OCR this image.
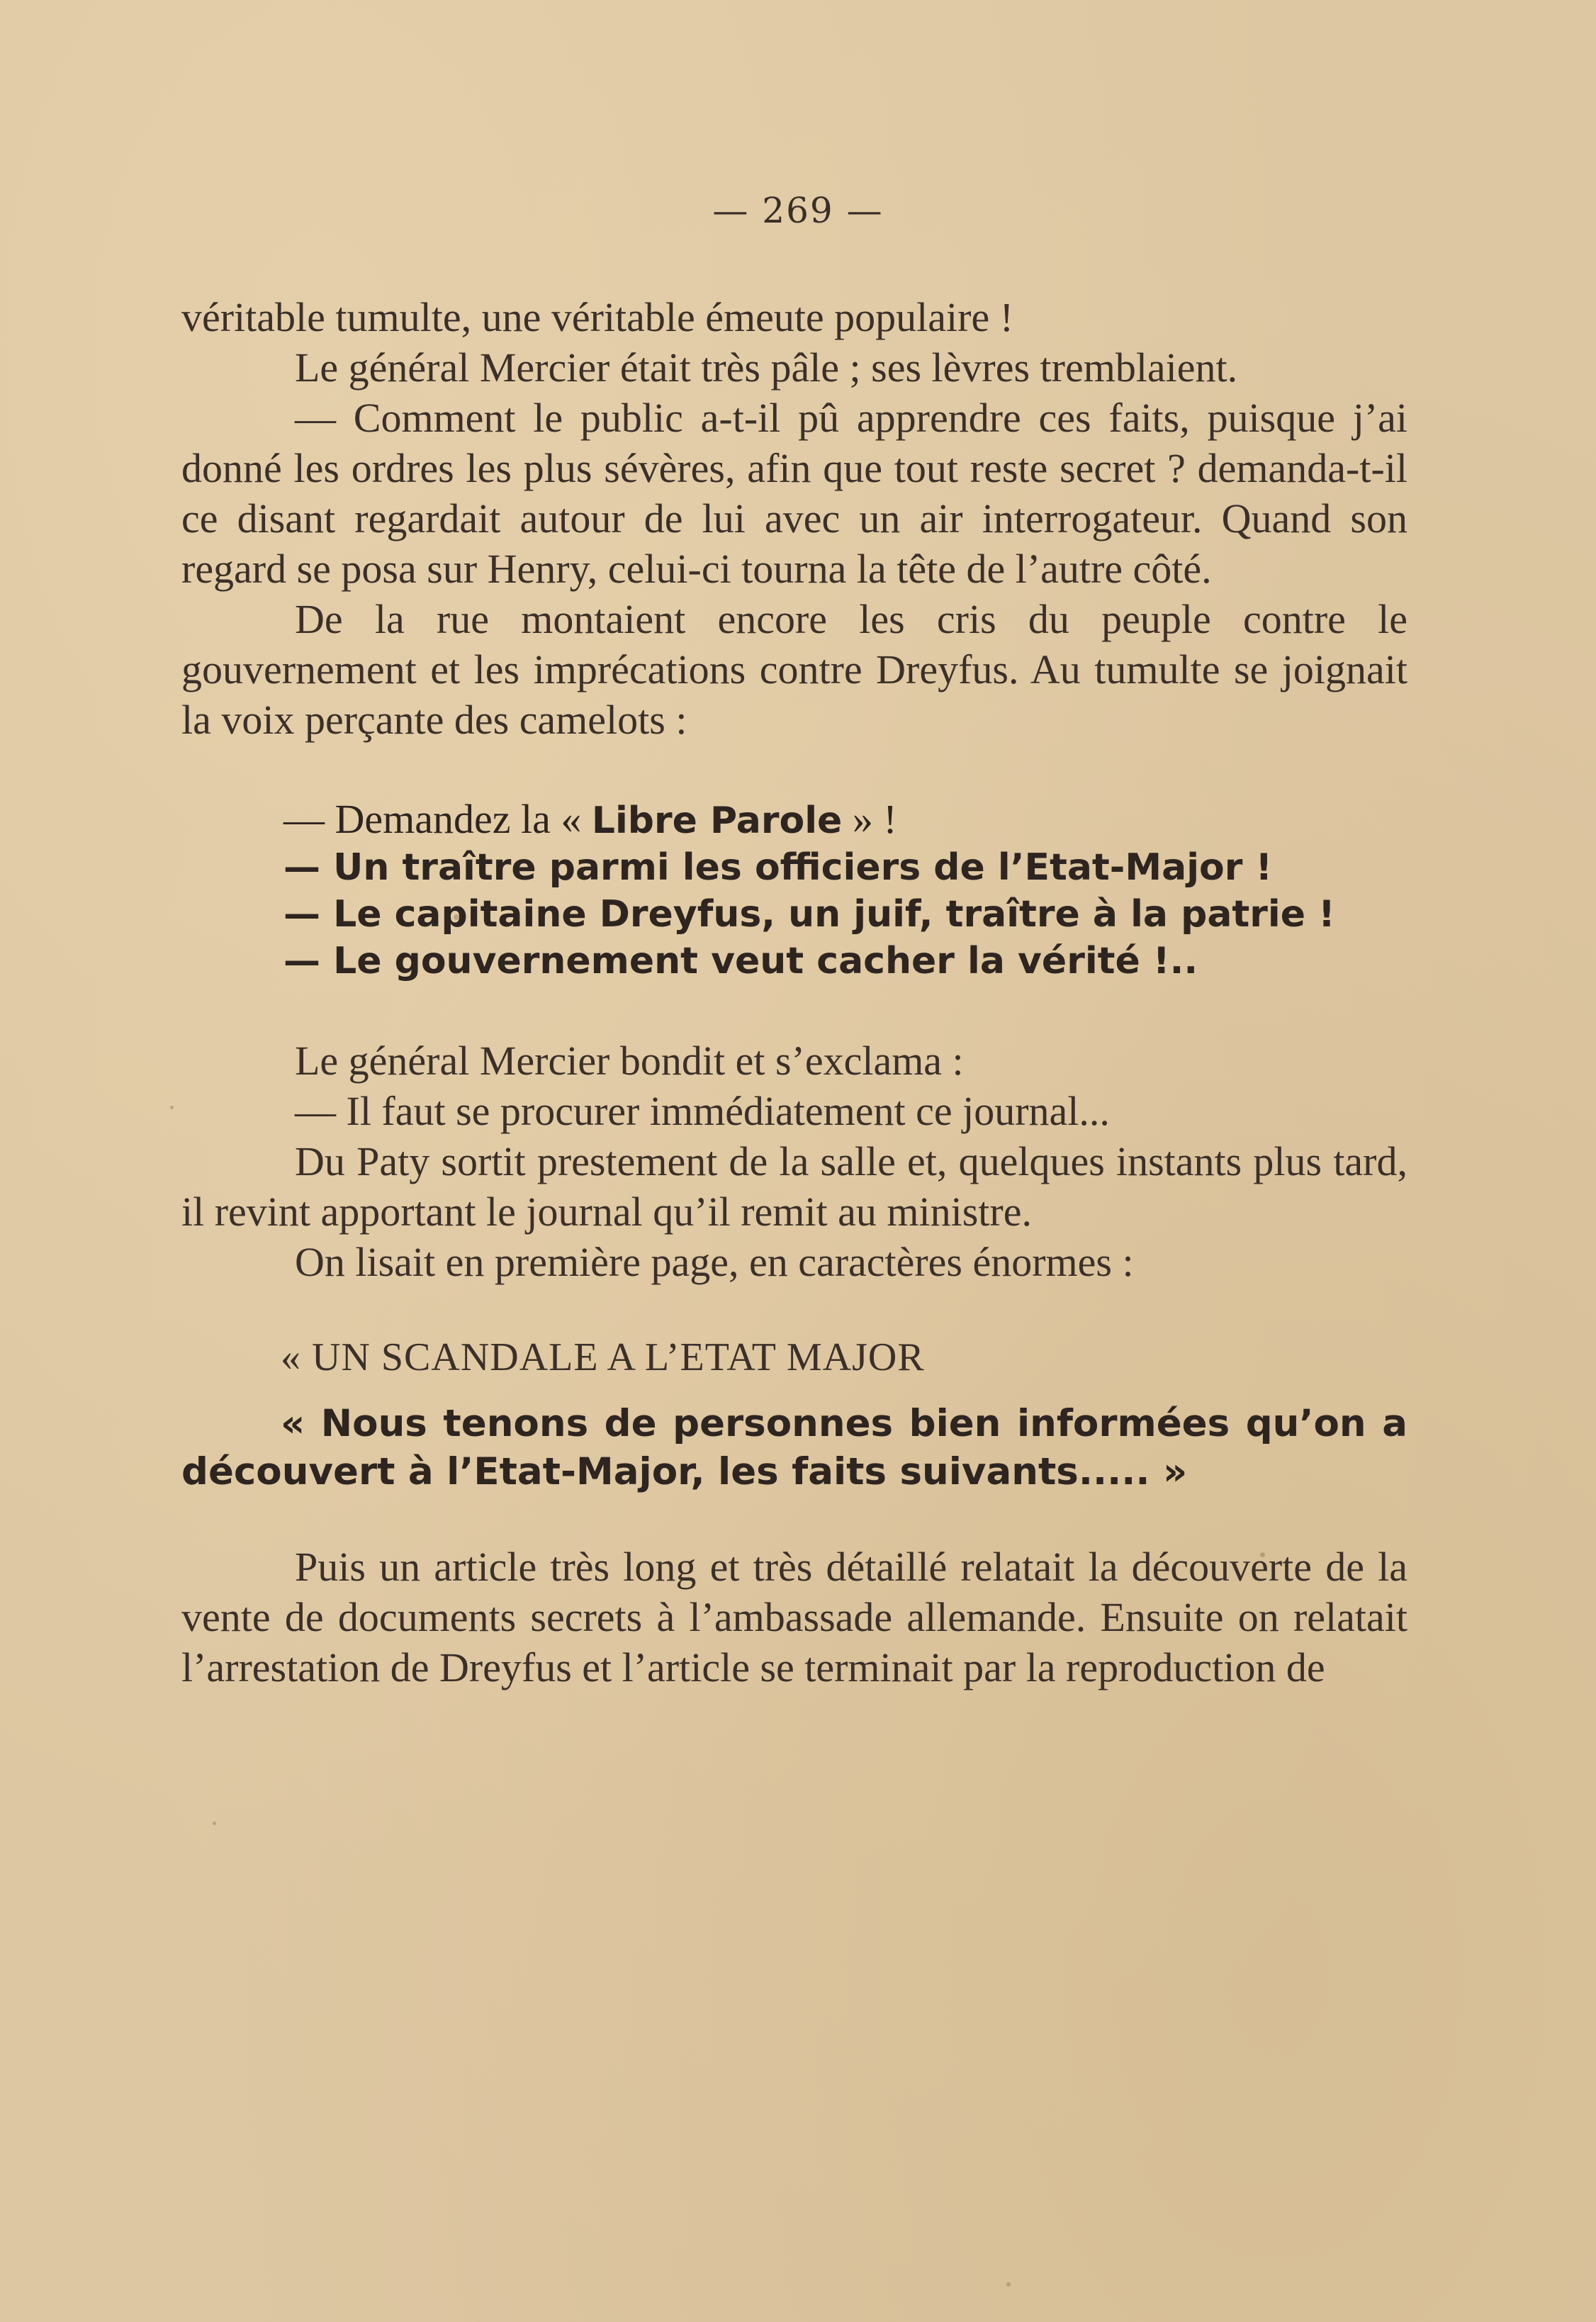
— 269 —

véritable tumulte, une véritable émeute populaire !

Le général Mercier était très pâle ; ses lèvres tremblaient.

— Comment le public a-t-il pû apprendre ces faits, puisque j’ai donné les ordres les plus sévères, afin que tout reste secret ? demanda-t-il ce disant regardait autour de lui avec un air interrogateur. Quand son regard se posa sur Henry, celui-ci tourna la tête de l’autre côté.

De la rue montaient encore les cris du peuple contre le gouvernement et les imprécations contre Dreyfus. Au tumulte se joignait la voix perçante des camelots :

— Demandez la « Libre Parole » !
— Un traître parmi les officiers de l’Etat-Major !
— Le capitaine Dreyfus, un juif, traître à la patrie !
— Le gouvernement veut cacher la vérité !..

Le général Mercier bondit et s’exclama :

— Il faut se procurer immédiatement ce journal...

Du Paty sortit prestement de la salle et, quelques instants plus tard, il revint apportant le journal qu’il remit au ministre.

On lisait en première page, en caractères énormes :

« UN SCANDALE A L’ETAT MAJOR

« Nous tenons de personnes bien informées qu’on a découvert à l’Etat-Major, les faits suivants..... »

Puis un article très long et très détaillé relatait la découverte de la vente de documents secrets à l’ambassade allemande. Ensuite on relatait l’arrestation de Dreyfus et l’article se terminait par la reproduction de
